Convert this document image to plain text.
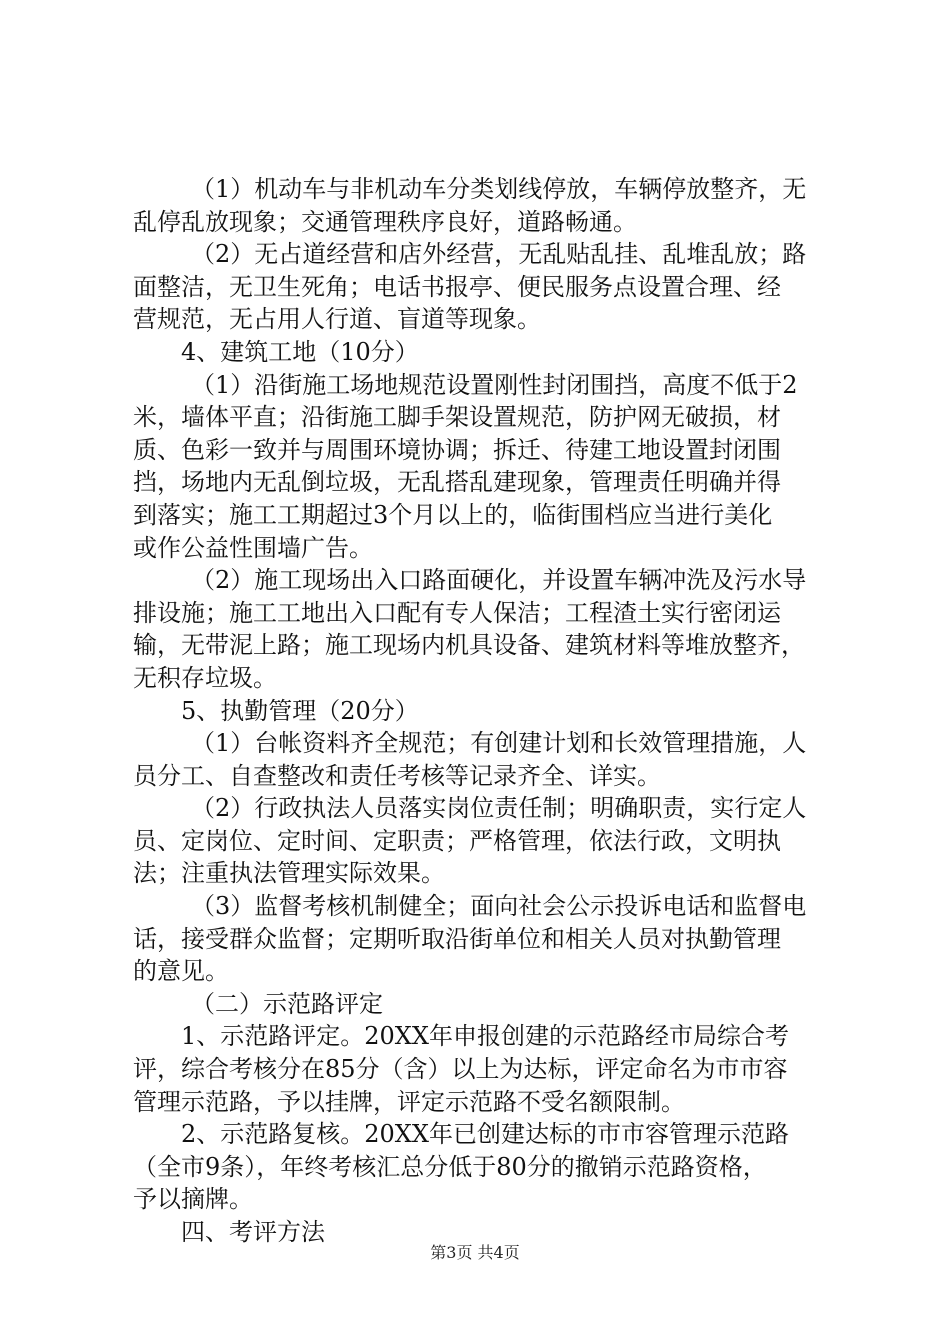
（1）机动车与非机动车分类划线停放，车辆停放整齐，无
乱停乱放现象；交通管理秩序良好，道路畅通。
（2）无占道经营和店外经营，无乱贴乱挂、乱堆乱放；路
面整洁，无卫生死角；电话书报亭、便民服务点设置合理、经
营规范，无占用人行道、盲道等现象。
4、建筑工地（10分）
（1）沿街施工场地规范设置刚性封闭围挡，高度不低于2
米，墙体平直；沿街施工脚手架设置规范，防护网无破损，材
质、色彩一致并与周围环境协调；拆迁、待建工地设置封闭围
挡，场地内无乱倒垃圾，无乱搭乱建现象，管理责任明确并得
到落实；施工工期超过3个月以上的，临街围档应当进行美化
或作公益性围墙广告。
（2）施工现场出入口路面硬化，并设置车辆冲洗及污水导
排设施；施工工地出入口配有专人保洁；工程渣土实行密闭运
输，无带泥上路；施工现场内机具设备、建筑材料等堆放整齐，
无积存垃圾。
5、执勤管理（20分）
（1）台帐资料齐全规范；有创建计划和长效管理措施，人
员分工、自查整改和责任考核等记录齐全、详实。
（2）行政执法人员落实岗位责任制；明确职责，实行定人
员、定岗位、定时间、定职责；严格管理，依法行政，文明执
法；注重执法管理实际效果。
（3）监督考核机制健全；面向社会公示投诉电话和监督电
话，接受群众监督；定期听取沿街单位和相关人员对执勤管理
的意见。
（二）示范路评定
1、示范路评定。20XX年申报创建的示范路经市局综合考
评，综合考核分在85分（含）以上为达标，评定命名为市市容
管理示范路，予以挂牌，评定示范路不受名额限制。
2、示范路复核。20XX年已创建达标的市市容管理示范路
（全市9条），年终考核汇总分低于80分的撤销示范路资格，
予以摘牌。
四、考评方法
第3页 共4页
